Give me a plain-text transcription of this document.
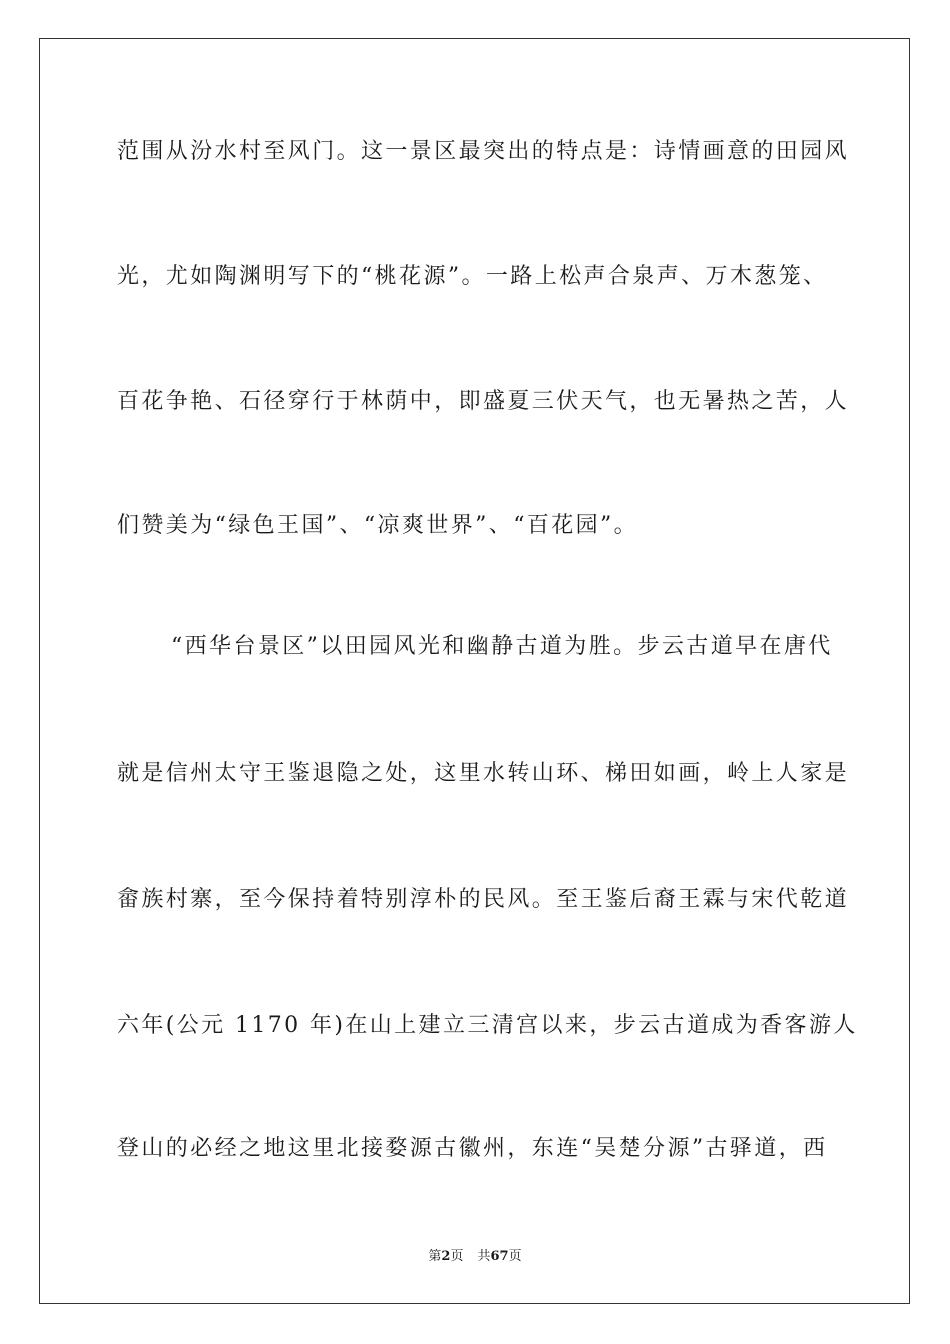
范围从汾水村至风门。这一景区最突出的特点是：诗情画意的田园风

光，尤如陶渊明写下的“桃花源”。一路上松声合泉声、万木葱笼、

百花争艳、石径穿行于林荫中，即盛夏三伏天气，也无暑热之苦，人

们赞美为“绿色王国”、“凉爽世界”、“百花园”。

“西华台景区”以田园风光和幽静古道为胜。步云古道早在唐代

就是信州太守王鉴退隐之处，这里水转山环、梯田如画，岭上人家是

畲族村寨，至今保持着特别淳朴的民风。至王鉴后裔王霖与宋代乾道

六年(公元 1170 年)在山上建立三清宫以来，步云古道成为香客游人

登山的必经之地这里北接婺源古徽州，东连“吴楚分源”古驿道，西

第2页 共67页
